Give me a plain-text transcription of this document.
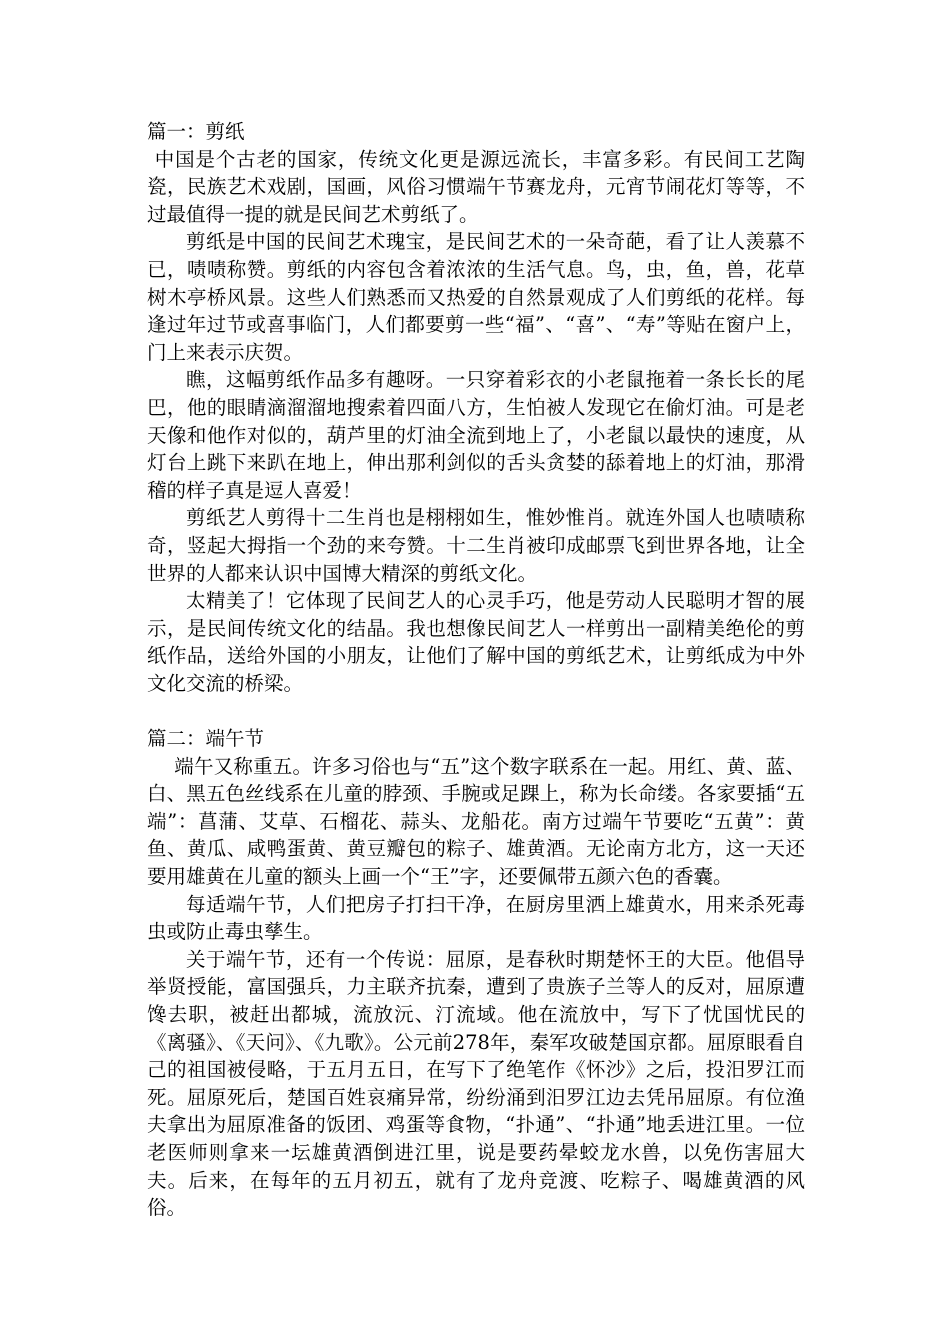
篇一：剪纸

中国是个古老的国家，传统文化更是源远流长，丰富多彩。有民间工艺陶瓷，民族艺术戏剧，国画，风俗习惯端午节赛龙舟，元宵节闹花灯等等，不过最值得一提的就是民间艺术剪纸了。

剪纸是中国的民间艺术瑰宝，是民间艺术的一朵奇葩，看了让人羡慕不已，啧啧称赞。剪纸的内容包含着浓浓的生活气息。鸟，虫，鱼，兽，花草树木亭桥风景。这些人们熟悉而又热爱的自然景观成了人们剪纸的花样。每逢过年过节或喜事临门，人们都要剪一些“福”、“喜”、“寿”等贴在窗户上，门上来表示庆贺。

瞧，这幅剪纸作品多有趣呀。一只穿着彩衣的小老鼠拖着一条长长的尾巴，他的眼睛滴溜溜地搜索着四面八方，生怕被人发现它在偷灯油。可是老天像和他作对似的，葫芦里的灯油全流到地上了，小老鼠以最快的速度，从灯台上跳下来趴在地上，伸出那利剑似的舌头贪婪的舔着地上的灯油，那滑稽的样子真是逗人喜爱！

剪纸艺人剪得十二生肖也是栩栩如生，惟妙惟肖。就连外国人也啧啧称奇，竖起大拇指一个劲的来夸赞。十二生肖被印成邮票飞到世界各地，让全世界的人都来认识中国博大精深的剪纸文化。

太精美了！它体现了民间艺人的心灵手巧，他是劳动人民聪明才智的展示，是民间传统文化的结晶。我也想像民间艺人一样剪出一副精美绝伦的剪纸作品，送给外国的小朋友，让他们了解中国的剪纸艺术，让剪纸成为中外文化交流的桥梁。

篇二：端午节

端午又称重五。许多习俗也与“五”这个数字联系在一起。用红、黄、蓝、白、黑五色丝线系在儿童的脖颈、手腕或足踝上，称为长命缕。各家要插“五端”：菖蒲、艾草、石榴花、蒜头、龙船花。南方过端午节要吃“五黄”：黄鱼、黄瓜、咸鸭蛋黄、黄豆瓣包的粽子、雄黄酒。无论南方北方，这一天还要用雄黄在儿童的额头上画一个“王”字，还要佩带五颜六色的香囊。

每适端午节，人们把房子打扫干净，在厨房里洒上雄黄水，用来杀死毒虫或防止毒虫孳生。

关于端午节，还有一个传说：屈原，是春秋时期楚怀王的大臣。他倡导举贤授能，富国强兵，力主联齐抗秦，遭到了贵族子兰等人的反对，屈原遭馋去职，被赶出都城，流放沅、汀流域。他在流放中，写下了忧国忧民的《离骚》、《天问》、《九歌》。公元前278年，秦军攻破楚国京都。屈原眼看自己的祖国被侵略，于五月五日，在写下了绝笔作《怀沙》之后，投汨罗江而死。屈原死后，楚国百姓哀痛异常，纷纷涌到汨罗江边去凭吊屈原。有位渔夫拿出为屈原准备的饭团、鸡蛋等食物，“扑通”、“扑通”地丢进江里。一位老医师则拿来一坛雄黄酒倒进江里，说是要药晕蛟龙水兽，以免伤害屈大夫。后来，在每年的五月初五，就有了龙舟竞渡、吃粽子、喝雄黄酒的风俗。
